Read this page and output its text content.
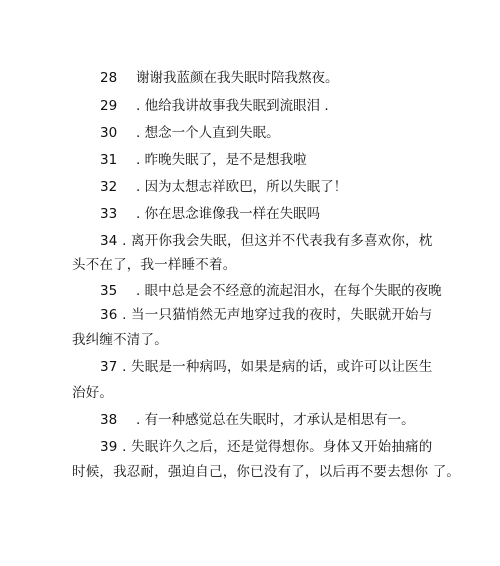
28 谢谢我蓝颜在我失眠时陪我熬夜。
29 . 他给我讲故事我失眠到流眼泪 .
30 . 想念一个人直到失眠。
31 . 昨晚失眠了，是不是想我啦
32 . 因为太想志祥欧巴，所以失眠了！
33 . 你在思念谁像我一样在失眠吗
34 . 离开你我会失眠，但这并不代表我有多喜欢你，枕
头不在了，我一样睡不着。
35 . 眼中总是会不经意的流起泪水，在每个失眠的夜晚
36 . 当一只猫悄然无声地穿过我的夜时，失眠就开始与
我纠缠不清了。
37 . 失眠是一种病吗，如果是病的话，或许可以让医生
治好。
38 . 有一种感觉总在失眠时，才承认是相思有一。
39 . 失眠许久之后，还是觉得想你。身体又开始抽痛的
时候，我忍耐，强迫自己，你已没有了，以后再不要去想你 了。
